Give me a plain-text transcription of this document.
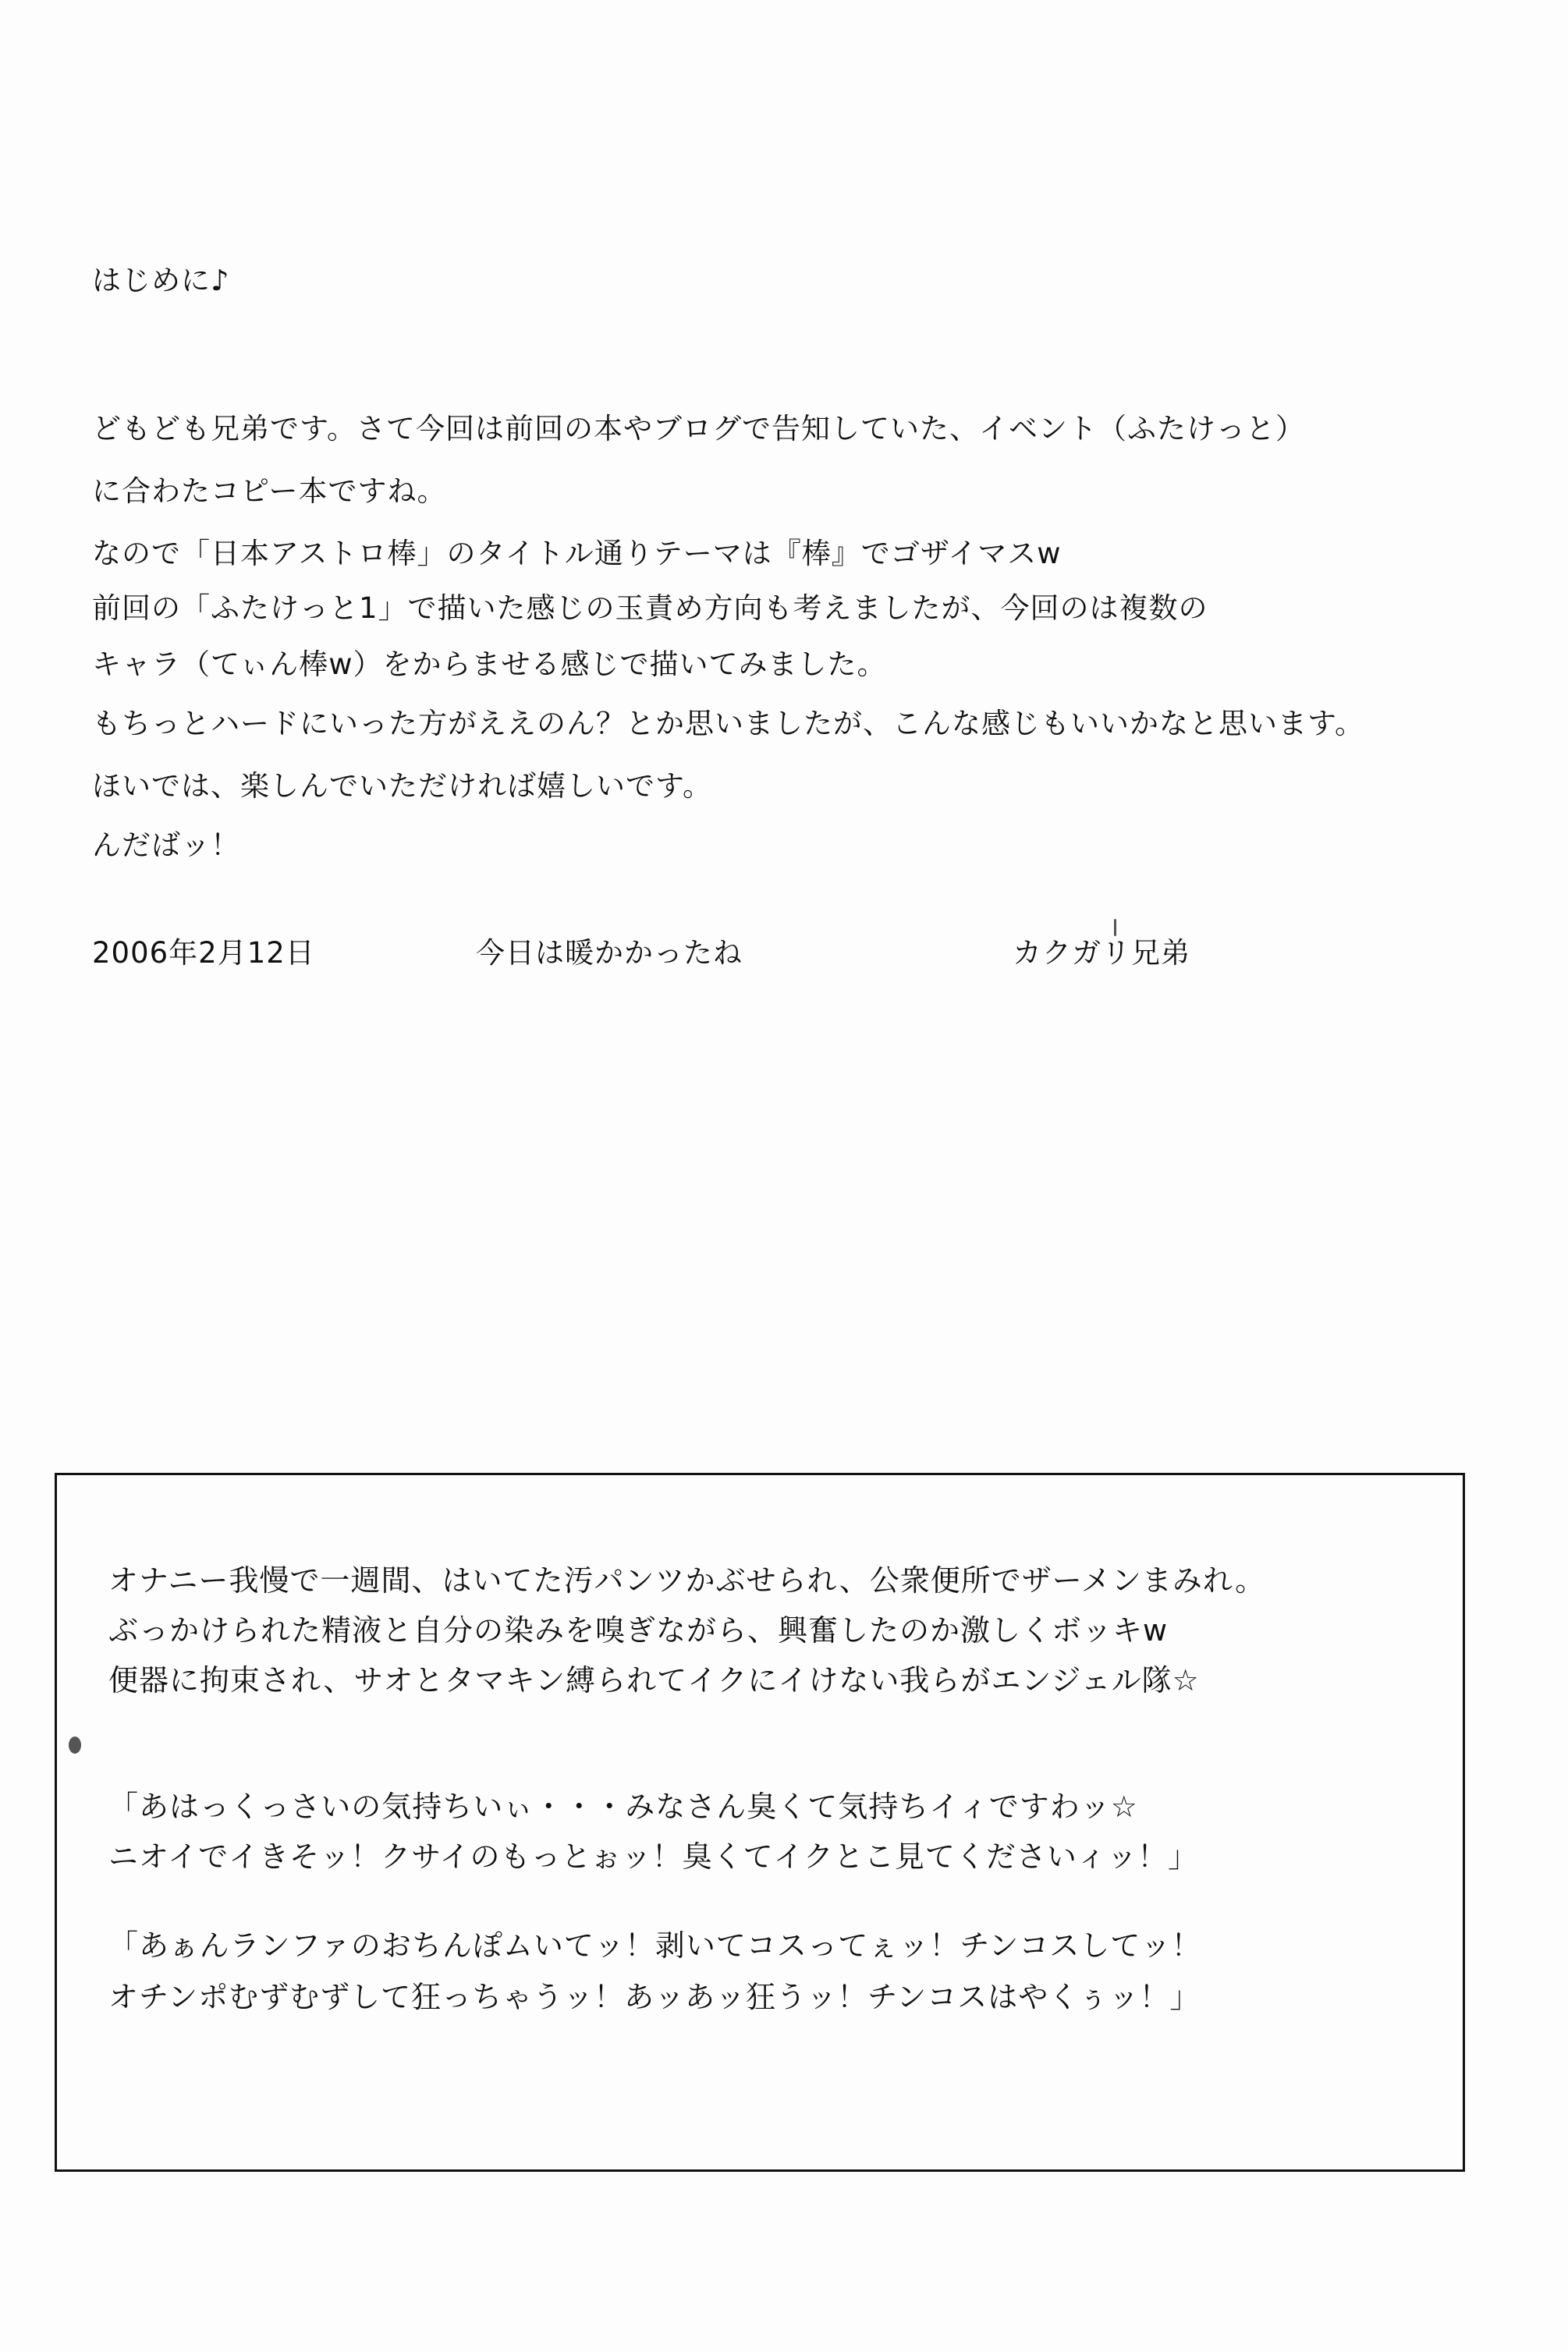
はじめに♪
どもども兄弟です。さて今回は前回の本やブログで告知していた、イベント（ふたけっと）
に合わたコピー本ですね。
なので「日本アストロ棒」のタイトル通りテーマは『棒』でゴザイマスw
前回の「ふたけっと1」で描いた感じの玉責め方向も考えましたが、今回のは複数の
キャラ（てぃん棒w）をからませる感じで描いてみました。
もちっとハードにいった方がええのん？とか思いましたが、こんな感じもいいかなと思います。
ほいでは、楽しんでいただければ嬉しいです。
んだばッ！
2006年2月12日	今日は暖かかったね	カクガリ兄弟
オナニー我慢で一週間、はいてた汚パンツかぶせられ、公衆便所でザーメンまみれ。
ぶっかけられた精液と自分の染みを嗅ぎながら、興奮したのか激しくボッキw
便器に拘束され、サオとタマキン縛られてイクにイけない我らがエンジェル隊☆
「あはっくっさいの気持ちいぃ・・・みなさん臭くて気持ちイィですわッ☆
ニオイでイきそッ！クサイのもっとぉッ！臭くてイクとこ見てくださいィッ！」
「あぁんランファのおちんぽムいてッ！剥いてコスってぇッ！チンコスしてッ！
オチンポむずむずして狂っちゃうッ！あッあッ狂うッ！チンコスはやくぅッ！」
